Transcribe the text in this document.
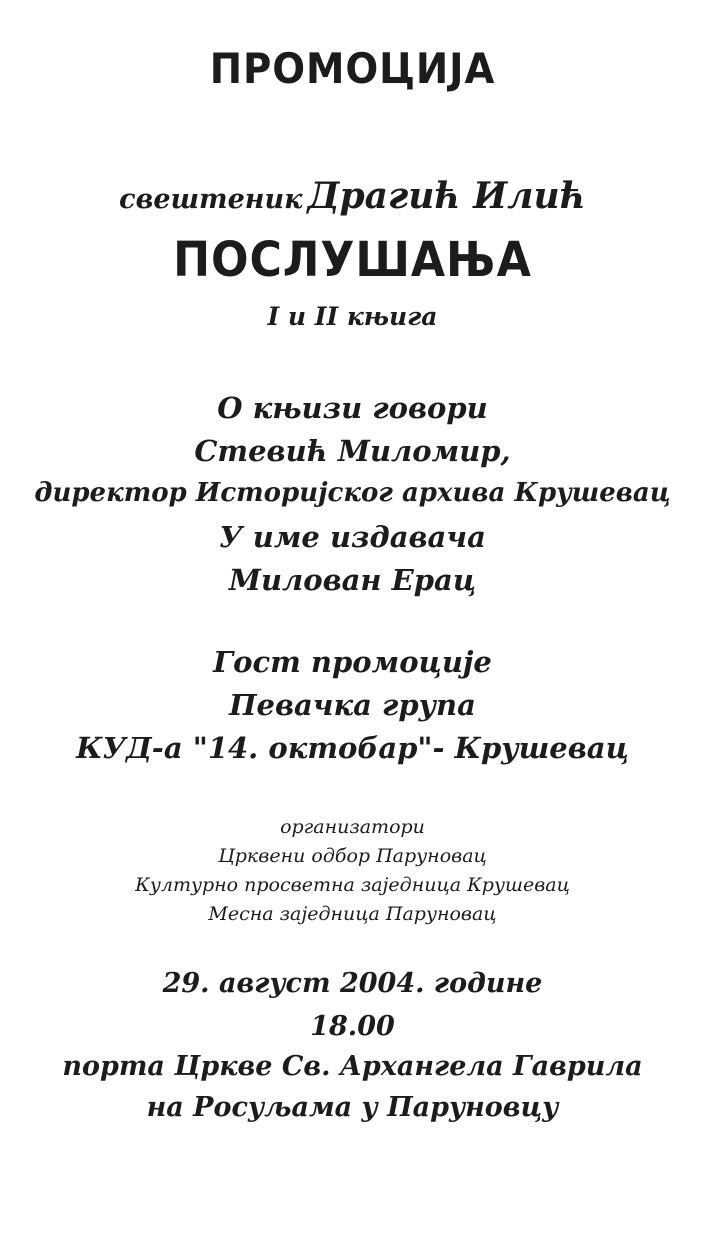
ПРОМОЦИЈА
свештеник Драгић Илић
ПОСЛУШАЊА
I и II књига
О књизи говори
Стевић Миломир,
директор Историјског архива Крушевац
У име издавача
Милован Ерац
Гост промоције
Певачка група
КУД-а "14. октобар"- Крушевац
организатори
Црквени одбор Паруновац
Културно просветна заједница Крушевац
Месна заједница Паруновац
29. август 2004. године
18.00
порта Цркве Св. Архангела Гаврила
на Росуљама у Паруновцу
